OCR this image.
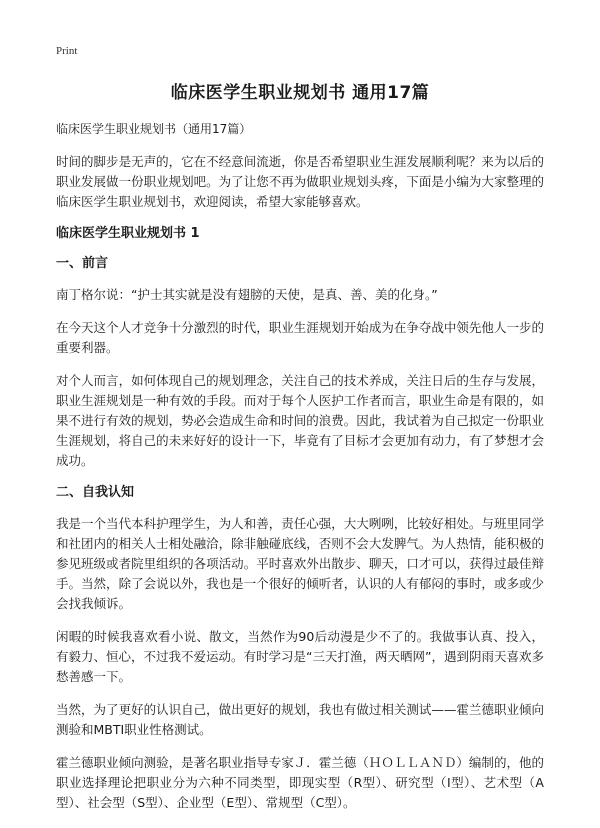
Print
临床医学生职业规划书 通用17篇
临床医学生职业规划书（通用17篇）

时间的脚步是无声的，它在不经意间流逝，你是否希望职业生涯发展顺利呢？来为以后的职业发展做一份职业规划吧。为了让您不再为做职业规划头疼，下面是小编为大家整理的临床医学生职业规划书，欢迎阅读，希望大家能够喜欢。

临床医学生职业规划书 1
一、前言

南丁格尔说：“护士其实就是没有翅膀的天使，是真、善、美的化身。”

在今天这个人才竞争十分激烈的时代，职业生涯规划开始成为在争夺战中领先他人一步的重要利器。

对个人而言，如何体现自己的规划理念，关注自己的技术养成，关注日后的生存与发展，职业生涯规划是一种有效的手段。而对于每个人医护工作者而言，职业生命是有限的，如果不进行有效的规划，势必会造成生命和时间的浪费。因此，我试着为自己拟定一份职业生涯规划，将自己的未来好好的设计一下，毕竟有了目标才会更加有动力，有了梦想才会成功。

二、自我认知

我是一个当代本科护理学生，为人和善，责任心强，大大咧咧，比较好相处。与班里同学和社团内的相关人士相处融洽，除非触碰底线，否则不会大发脾气。为人热情，能积极的参见班级或者院里组织的各项活动。平时喜欢外出散步、聊天，口才可以，获得过最佳辩手。当然，除了会说以外，我也是一个很好的倾听者，认识的人有郁闷的事时，或多或少会找我倾诉。

闲暇的时候我喜欢看小说、散文，当然作为90后动漫是少不了的。我做事认真、投入，有毅力、恒心，不过我不爱运动。有时学习是“三天打渔，两天晒网”，遇到阴雨天喜欢多愁善感一下。

当然，为了更好的认识自己，做出更好的规划，我也有做过相关测试——霍兰德职业倾向测验和MBTI职业性格测试。

霍兰德职业倾向测验，是著名职业指导专家Ｊ．霍兰德（ＨＯＬＬＡＮＤ）编制的，他的职业选择理论把职业分为六种不同类型，即现实型（R型）、研究型（I型）、艺术型（A型）、社会型（S型）、企业型（E型）、常规型（C型）。
